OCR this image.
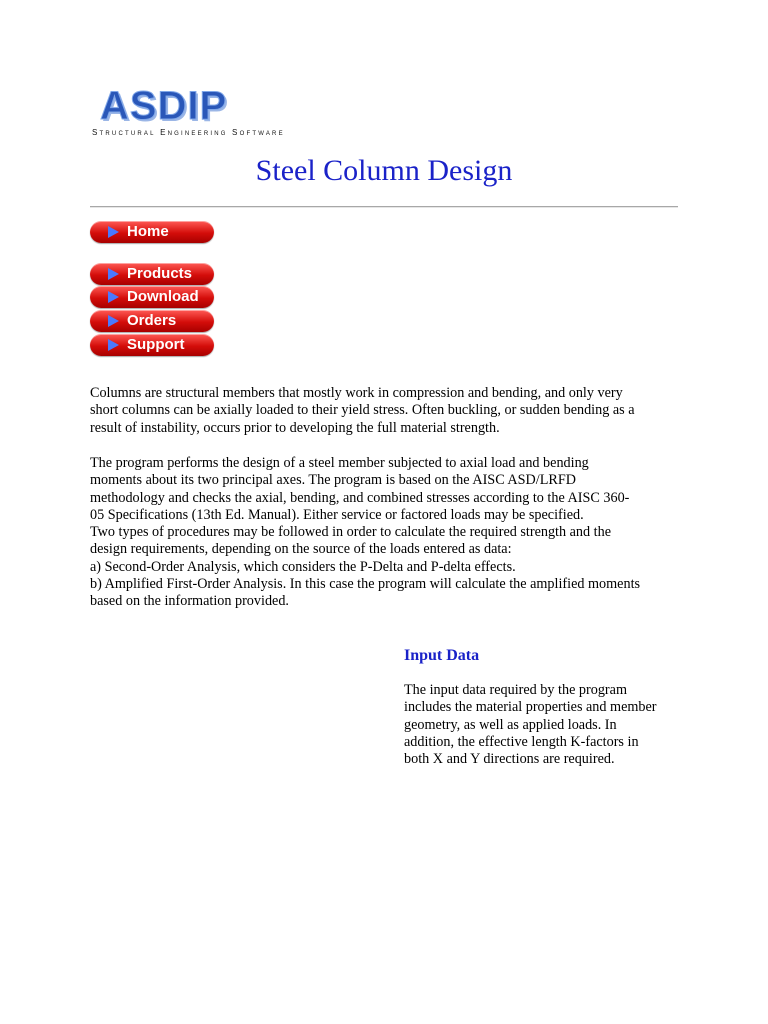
ASDIP
Structural Engineering Software
Steel Column Design
Home
Products
Download
Orders
Support

Columns are structural members that mostly work in compression and bending, and only very
short columns can be axially loaded to their yield stress. Often buckling, or sudden bending as a
result of instability, occurs prior to developing the full material strength.

The program performs the design of a steel member subjected to axial load and bending
moments about its two principal axes. The program is based on the AISC ASD/LRFD
methodology and checks the axial, bending, and combined stresses according to the AISC 360-
05 Specifications (13th Ed. Manual). Either service or factored loads may be specified.
Two types of procedures may be followed in order to calculate the required strength and the
design requirements, depending on the source of the loads entered as data:
a) Second-Order Analysis, which considers the P-Delta and P-delta effects.
b) Amplified First-Order Analysis. In this case the program will calculate the amplified moments
based on the information provided.

Input Data

The input data required by the program
includes the material properties and member
geometry, as well as applied loads. In
addition, the effective length K-factors in
both X and Y directions are required.
